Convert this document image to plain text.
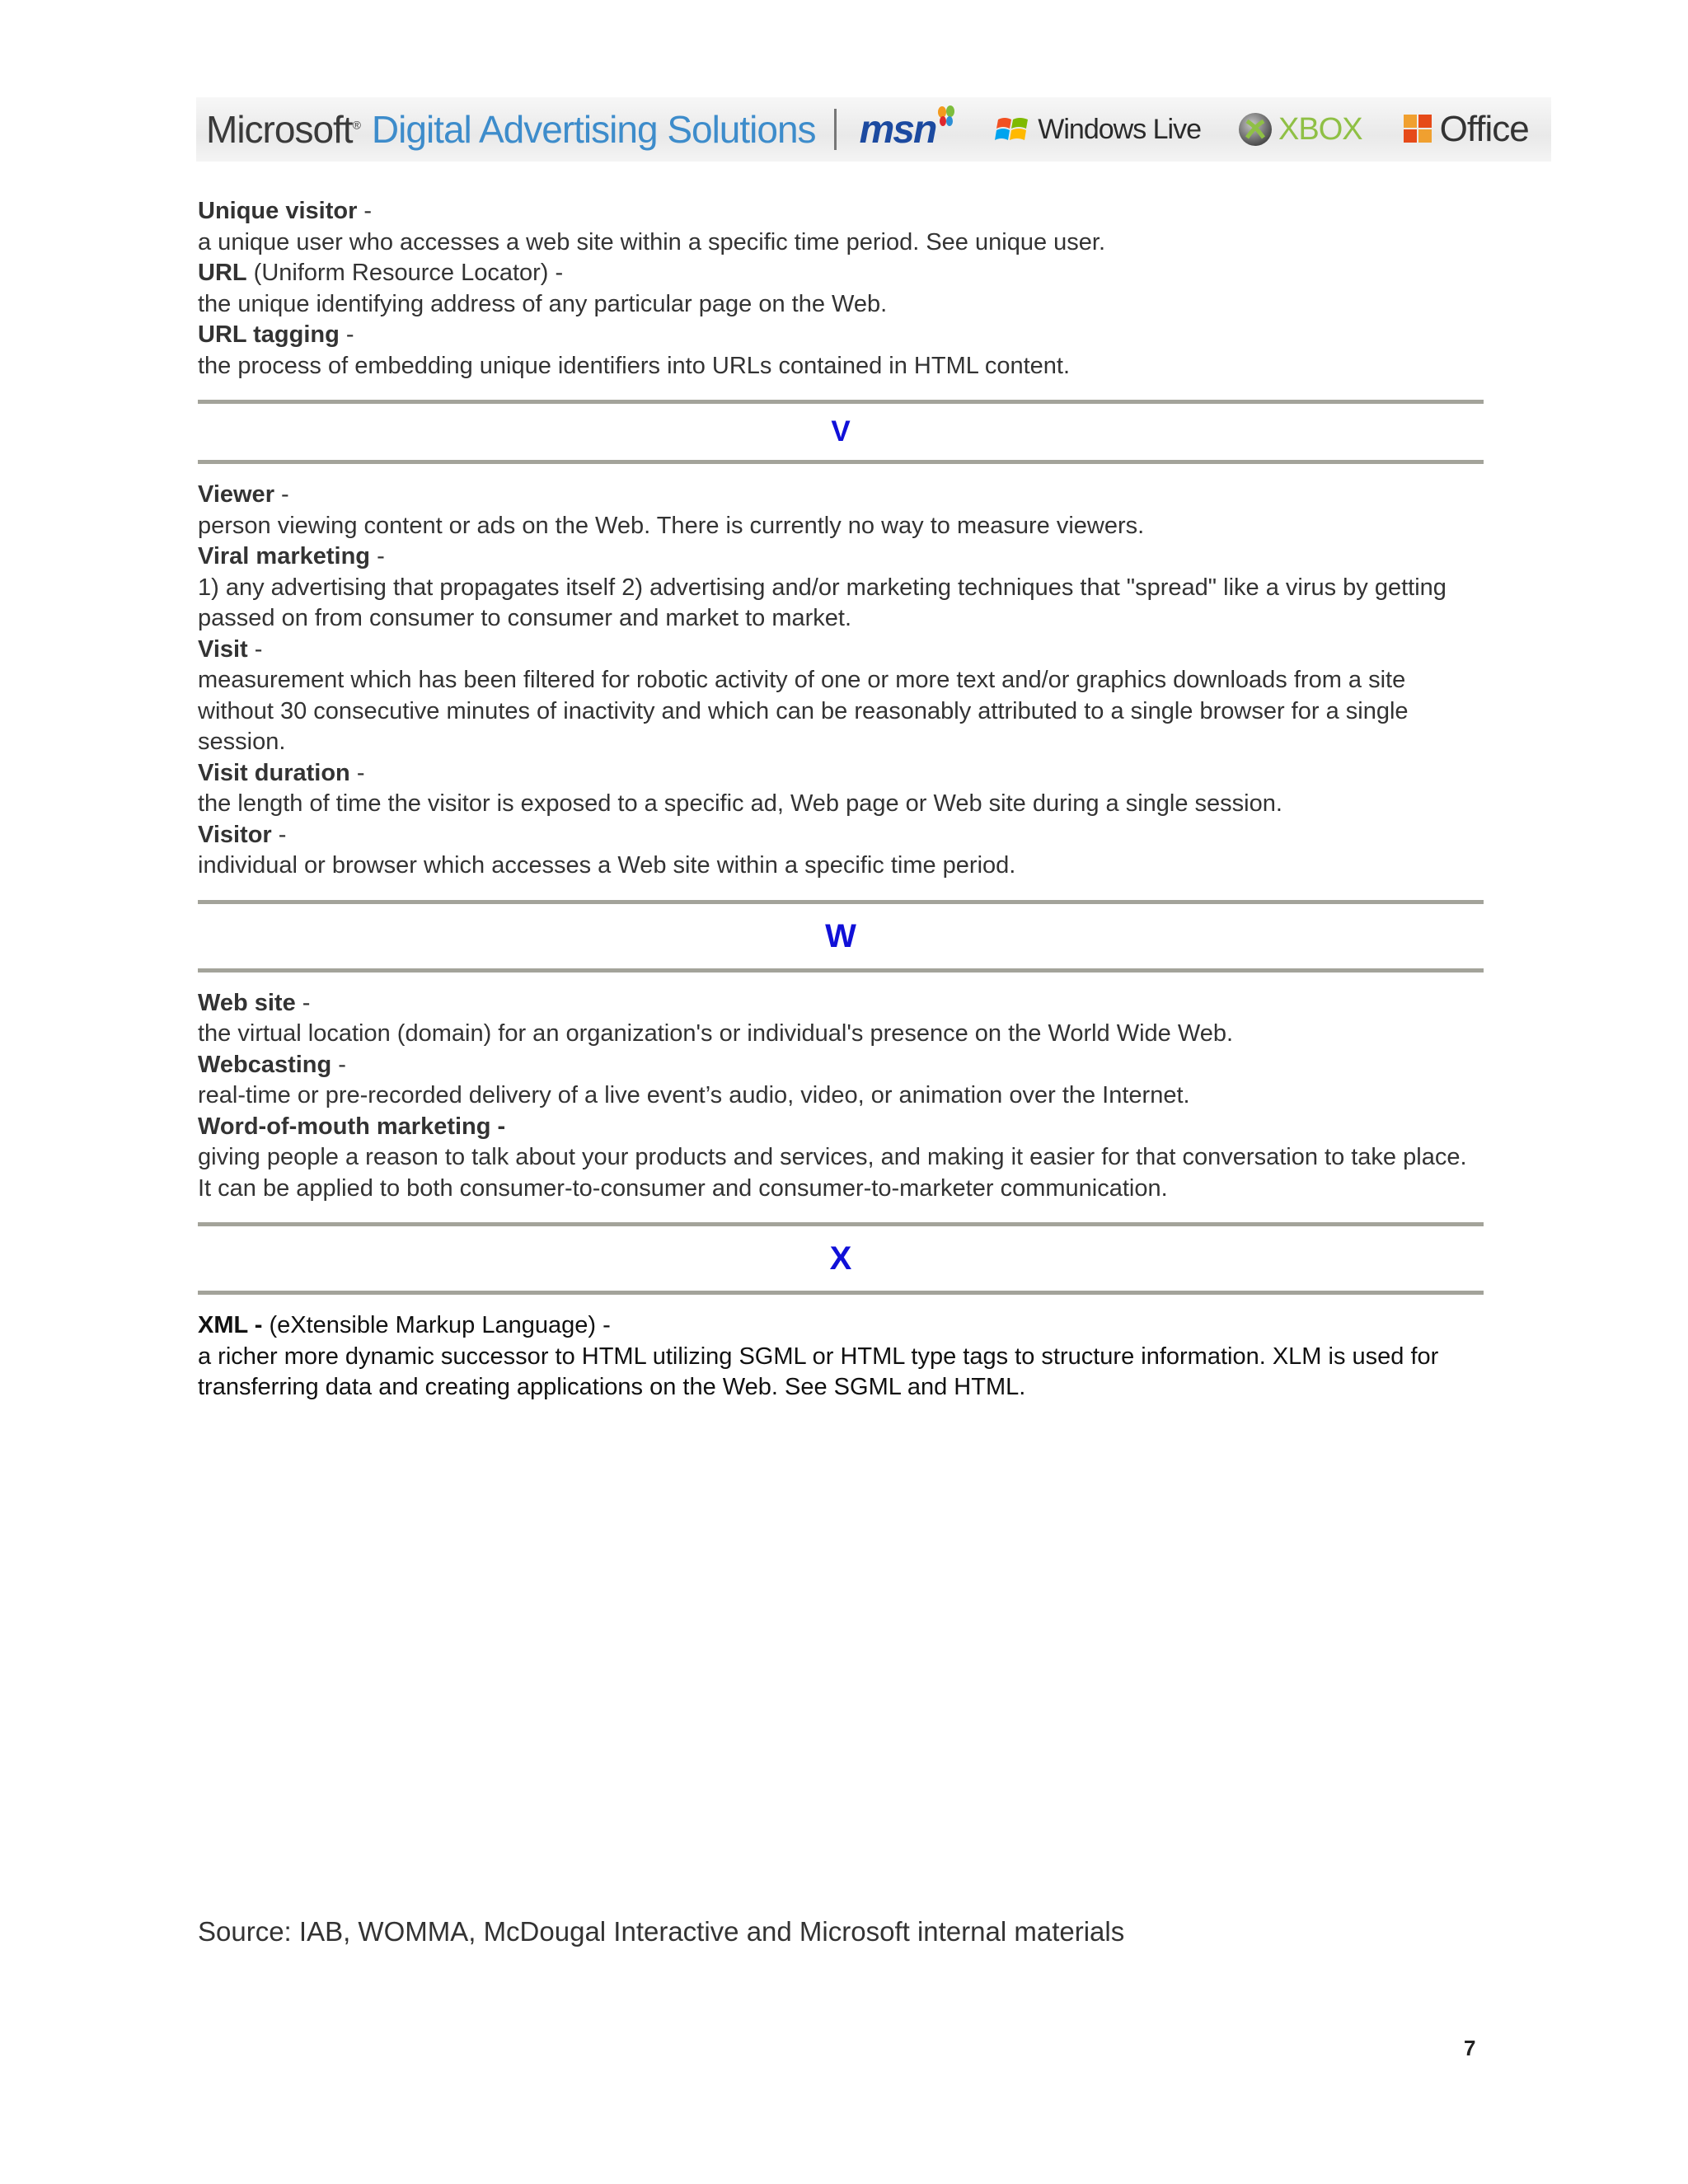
Microsoft® Digital Advertising Solutions msn	Windows Live XBOX Office
Unique visitor -
a unique user who accesses a web site within a specific time period. See unique user.
URL (Uniform Resource Locator) -
the unique identifying address of any particular page on the Web.
URL tagging -
the process of embedding unique identifiers into URLs contained in HTML content.
V
Viewer -
person viewing content or ads on the Web. There is currently no way to measure viewers.
Viral marketing -
1) any advertising that propagates itself 2) advertising and/or marketing techniques that "spread" like a virus by getting passed on from consumer to consumer and market to market.
Visit -
measurement which has been filtered for robotic activity of one or more text and/or graphics downloads from a site without 30 consecutive minutes of inactivity and which can be reasonably attributed to a single browser for a single session.
Visit duration -
the length of time the visitor is exposed to a specific ad, Web page or Web site during a single session.
Visitor -
individual or browser which accesses a Web site within a specific time period.
W
Web site -
the virtual location (domain) for an organization's or individual's presence on the World Wide Web.
Webcasting -
real-time or pre-recorded delivery of a live event’s audio, video, or animation over the Internet.
Word-of-mouth marketing -
giving people a reason to talk about your products and services, and making it easier for that conversation to take place. It can be applied to both consumer-to-consumer and consumer-to-marketer communication.
X
XML - (eXtensible Markup Language) -
a richer more dynamic successor to HTML utilizing SGML or HTML type tags to structure information. XLM is used for transferring data and creating applications on the Web. See SGML and HTML.
Source: IAB, WOMMA, McDougal Interactive and Microsoft internal materials
7
